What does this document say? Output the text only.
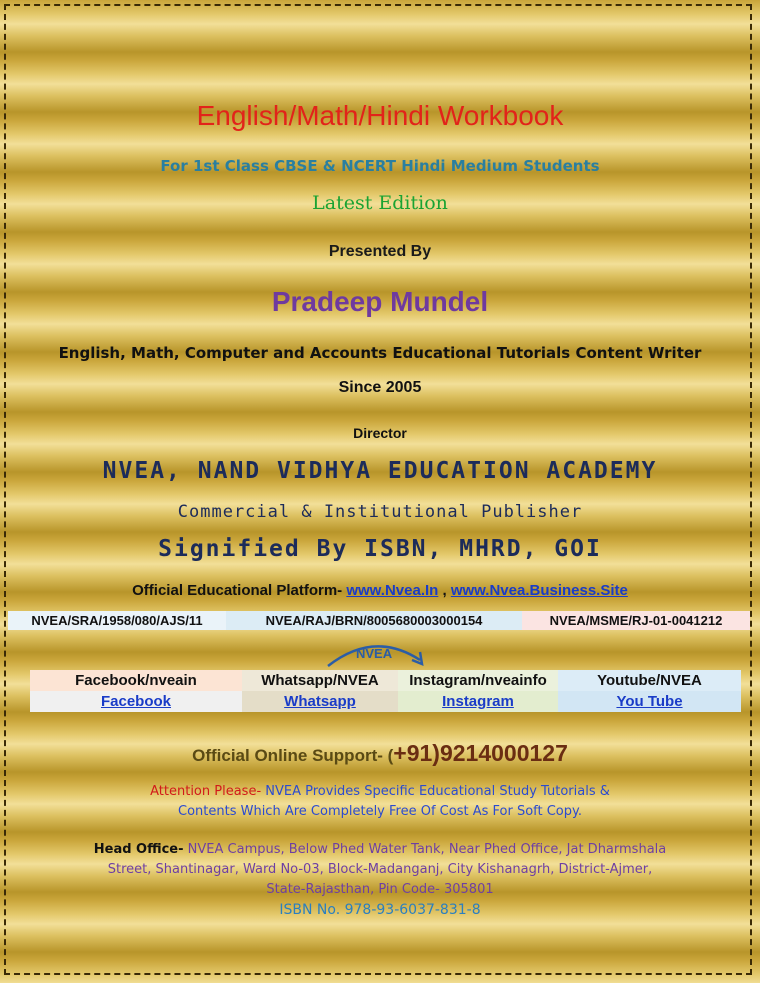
English/Math/Hindi Workbook
For 1st Class CBSE & NCERT Hindi Medium Students
Latest Edition
Presented By
Pradeep Mundel
English, Math, Computer and Accounts Educational Tutorials Content Writer
Since 2005
Director
NVEA, NAND VIDHYA EDUCATION ACADEMY
Commercial & Institutional Publisher
Signified By ISBN, MHRD, GOI
Official Educational Platform- www.Nvea.In , www.Nvea.Business.Site
NVEA/SRA/1958/080/AJS/11	NVEA/RAJ/BRN/8005680003000154	NVEA/MSME/RJ-01-0041212
NVEA
Facebook/nveain
Facebook
Whatsapp/NVEA
Whatsapp
Instagram/nveainfo
Instagram
Youtube/NVEA
You Tube
Official Online Support- (+91)9214000127
Attention Please- NVEA Provides Specific Educational Study Tutorials &
Contents Which Are Completely Free Of Cost As For Soft Copy.
Head Office- NVEA Campus, Below Phed Water Tank, Near Phed Office, Jat Dharmshala
Street, Shantinagar, Ward No-03, Block-Madanganj, City Kishanagrh, District-Ajmer,
State-Rajasthan, Pin Code- 305801
ISBN No. 978-93-6037-831-8
